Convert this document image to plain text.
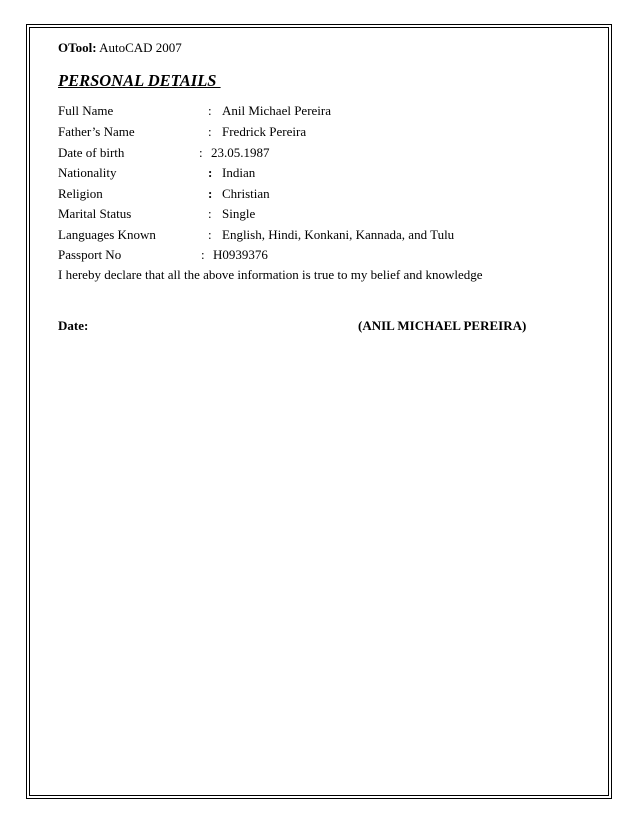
OTool: AutoCAD 2007
PERSONAL DETAILS
Full Name	: Anil Michael Pereira
Father’s Name	: Fredrick Pereira
Date of birth	: 23.05.1987
Nationality	: Indian
Religion	: Christian
Marital Status	: Single
Languages Known	: English, Hindi, Konkani, Kannada, and Tulu
Passport No	: H0939376
I hereby declare that all the above information is true to my belief and knowledge
Date:	(ANIL MICHAEL PEREIRA)
